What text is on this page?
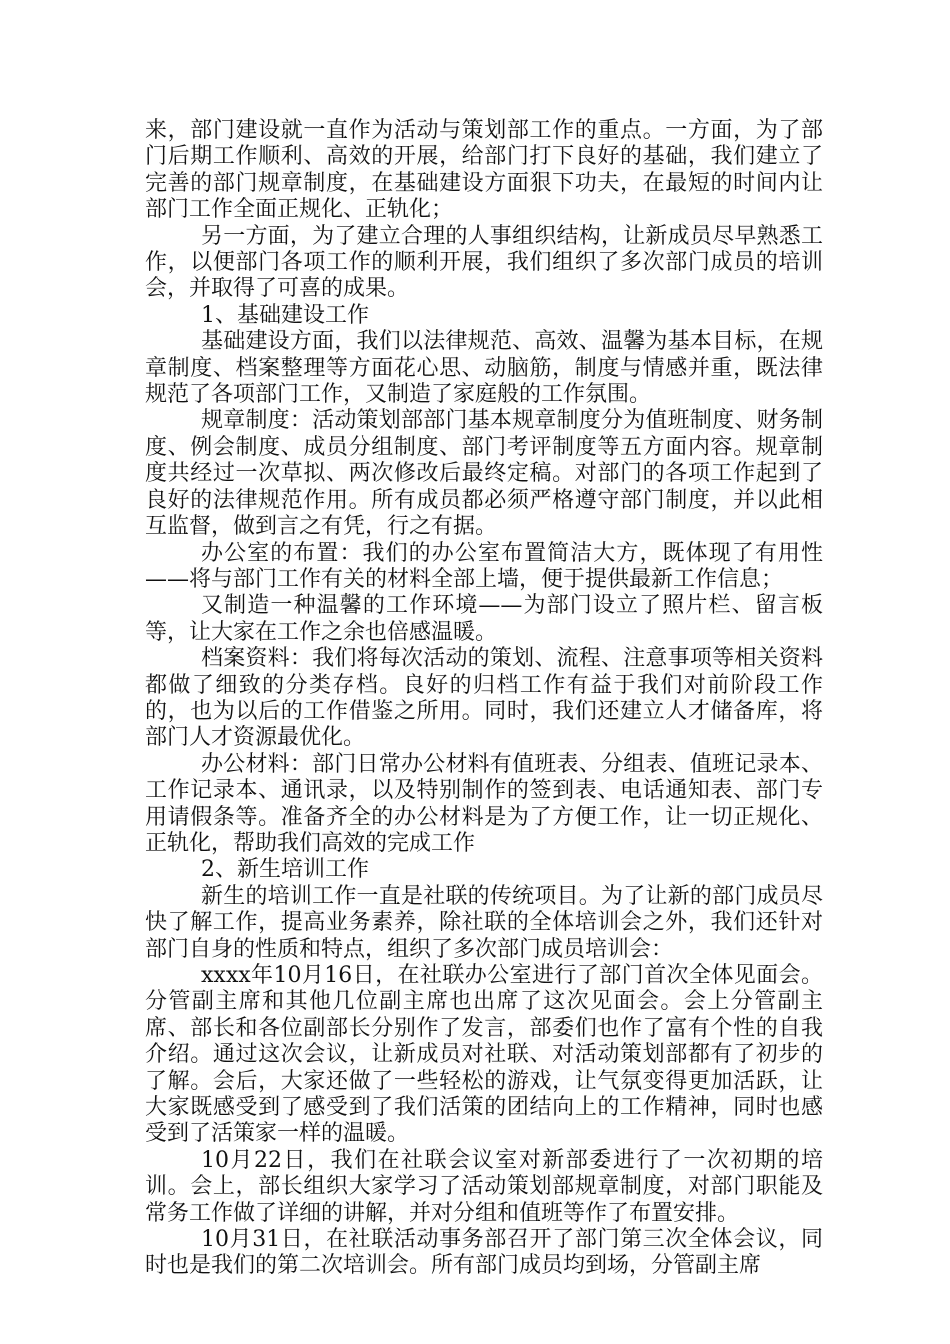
来，部门建设就一直作为活动与策划部工作的重点。一方面，为了部门后期工作顺利、高效的开展，给部门打下良好的基础，我们建立了完善的部门规章制度，在基础建设方面狠下功夫，在最短的时间内让部门工作全面正规化、正轨化；

另一方面，为了建立合理的人事组织结构，让新成员尽早熟悉工作，以便部门各项工作的顺利开展，我们组织了多次部门成员的培训会，并取得了可喜的成果。

1、基础建设工作

基础建设方面，我们以法律规范、高效、温馨为基本目标，在规章制度、档案整理等方面花心思、动脑筋，制度与情感并重，既法律规范了各项部门工作，又制造了家庭般的工作氛围。

规章制度：活动策划部部门基本规章制度分为值班制度、财务制度、例会制度、成员分组制度、部门考评制度等五方面内容。规章制度共经过一次草拟、两次修改后最终定稿。对部门的各项工作起到了良好的法律规范作用。所有成员都必须严格遵守部门制度，并以此相互监督，做到言之有凭，行之有据。

办公室的布置：我们的办公室布置简洁大方，既体现了有用性——将与部门工作有关的材料全部上墙，便于提供最新工作信息；

又制造一种温馨的工作环境——为部门设立了照片栏、留言板等，让大家在工作之余也倍感温暖。

档案资料：我们将每次活动的策划、流程、注意事项等相关资料都做了细致的分类存档。良好的归档工作有益于我们对前阶段工作的，也为以后的工作借鉴之所用。同时，我们还建立人才储备库，将部门人才资源最优化。

办公材料：部门日常办公材料有值班表、分组表、值班记录本、工作记录本、通讯录，以及特别制作的签到表、电话通知表、部门专用请假条等。准备齐全的办公材料是为了方便工作，让一切正规化、正轨化，帮助我们高效的完成工作

2、新生培训工作

新生的培训工作一直是社联的传统项目。为了让新的部门成员尽快了解工作，提高业务素养，除社联的全体培训会之外，我们还针对部门自身的性质和特点，组织了多次部门成员培训会：

xxxx年10月16日，在社联办公室进行了部门首次全体见面会。分管副主席和其他几位副主席也出席了这次见面会。会上分管副主席、部长和各位副部长分别作了发言，部委们也作了富有个性的自我介绍。通过这次会议，让新成员对社联、对活动策划部都有了初步的了解。会后，大家还做了一些轻松的游戏，让气氛变得更加活跃，让大家既感受到了感受到了我们活策的团结向上的工作精神，同时也感受到了活策家一样的温暖。

10月22日，我们在社联会议室对新部委进行了一次初期的培训。会上，部长组织大家学习了活动策划部规章制度，对部门职能及常务工作做了详细的讲解，并对分组和值班等作了布置安排。

10月31日，在社联活动事务部召开了部门第三次全体会议，同时也是我们的第二次培训会。所有部门成员均到场，分管副主席
